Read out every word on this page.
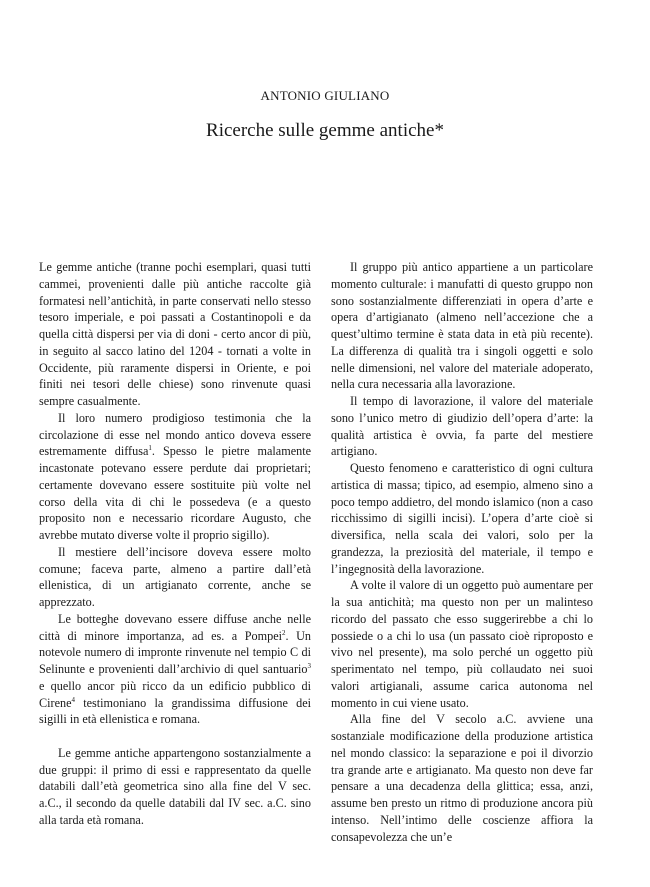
ANTONIO GIULIANO
Ricerche sulle gemme antiche*

Le gemme antiche (tranne pochi esemplari, quasi tutti cammei, provenienti dalle più antiche raccolte già formatesi nell’antichità, in parte conservati nello stesso tesoro imperiale, e poi passati a Costantinopoli e da quella città dispersi per via di doni - certo ancor di più, in seguito al sacco latino del 1204 - tornati a volte in Occidente, più raramente dispersi in Oriente, e poi finiti nei tesori delle chiese) sono rinvenute quasi sempre casualmente.

Il loro numero prodigioso testimonia che la circolazione di esse nel mondo antico doveva essere estremamente diffusa$^1$. Spesso le pietre malamente incastonate potevano essere perdute dai proprietari; certamente dovevano essere sostituite più volte nel corso della vita di chi le possedeva (e a questo proposito non e necessario ricordare Augusto, che avrebbe mutato diverse volte il proprio sigillo).

Il mestiere dell’incisore doveva essere molto comune; faceva parte, almeno a partire dall’età ellenistica, di un artigianato corrente, anche se apprezzato.

Le botteghe dovevano essere diffuse anche nelle città di minore importanza, ad es. a Pompei$^2$. Un notevole numero di impronte rinvenute nel tempio C di Selinunte e provenienti dall’archivio di quel santuario$^3$ e quello ancor più ricco da un edificio pubblico di Cirene$^4$ testimoniano la grandissima diffusione dei sigilli in età ellenistica e romana.

Le gemme antiche appartengono sostanzialmente a due gruppi: il primo di essi e rappresentato da quelle databili dall’età geometrica sino alla fine del V sec. a.C., il secondo da quelle databili dal IV sec. a.C. sino alla tarda età romana.

Il gruppo più antico appartiene a un particolare momento culturale: i manufatti di questo gruppo non sono sostanzialmente differenziati in opera d’arte e opera d’artigianato (almeno nell’accezione che a quest’ultimo termine è stata data in età più recente). La differenza di qualità tra i singoli oggetti e solo nelle dimensioni, nel valore del materiale adoperato, nella cura necessaria alla lavorazione.

Il tempo di lavorazione, il valore del materiale sono l’unico metro di giudizio dell’opera d’arte: la qualità artistica è ovvia, fa parte del mestiere artigiano.

Questo fenomeno e caratteristico di ogni cultura artistica di massa; tipico, ad esempio, almeno sino a poco tempo addietro, del mondo islamico (non a caso ricchissimo di sigilli incisi). L’opera d’arte cioè si diversifica, nella scala dei valori, solo per la grandezza, la preziosità del materiale, il tempo e l’ingegnosità della lavorazione.

A volte il valore di un oggetto può aumentare per la sua antichità; ma questo non per un malinteso ricordo del passato che esso suggerirebbe a chi lo possiede o a chi lo usa (un passato cioè riproposto e vivo nel presente), ma solo perché un oggetto più sperimentato nel tempo, più collaudato nei suoi valori artigianali, assume carica autonoma nel momento in cui viene usato.

Alla fine del V secolo a.C. avviene una sostanziale modificazione della produzione artistica nel mondo classico: la separazione e poi il divorzio tra grande arte e artigianato. Ma questo non deve far pensare a una decadenza della glittica; essa, anzi, assume ben presto un ritmo di produzione ancora più intenso. Nell’intimo delle coscienze affiora la consapevolezza che un’e
